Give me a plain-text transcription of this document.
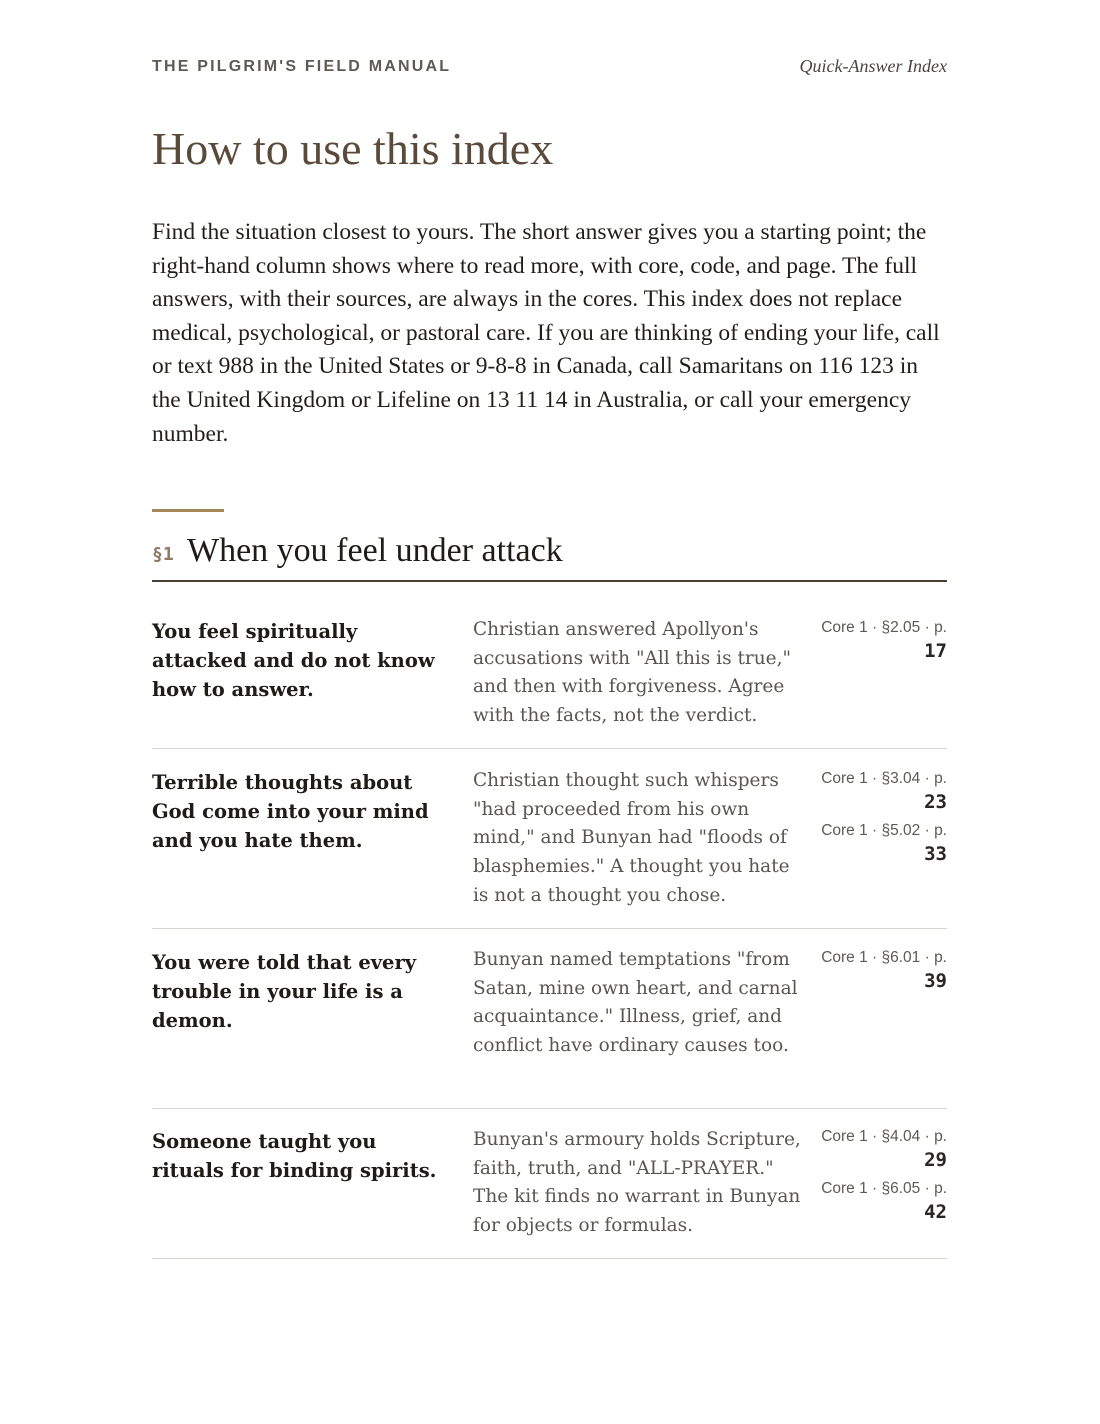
THE PILGRIM'S FIELD MANUAL	Quick-Answer Index
How to use this index

Find the situation closest to yours. The short answer gives you a starting point; the right-hand column shows where to read more, with core, code, and page. The full answers, with their sources, are always in the cores. This index does not replace medical, psychological, or pastoral care. If you are thinking of ending your life, call or text 988 in the United States or 9-8-8 in Canada, call Samaritans on 116 123 in the United Kingdom or Lifeline on 13 11 14 in Australia, or call your emergency number.

§1 When you feel under attack
You feel spiritually attacked and do not know how to answer.
Christian answered Apollyon's accusations with "All this is true," and then with forgiveness. Agree with the facts, not the verdict.
Core 1 · §2.05 · p.
17
Terrible thoughts about God come into your mind and you hate them.
Christian thought such whispers "had proceeded from his own mind," and Bunyan had "floods of blasphemies." A thought you hate is not a thought you chose.
Core 1 · §3.04 · p.
23
Core 1 · §5.02 · p.
33
You were told that every trouble in your life is a demon.
Bunyan named temptations "from Satan, mine own heart, and carnal acquaintance." Illness, grief, and conflict have ordinary causes too.
Core 1 · §6.01 · p.
39
Someone taught you rituals for binding spirits.
Bunyan's armoury holds Scripture, faith, truth, and "ALL-PRAYER." The kit finds no warrant in Bunyan for objects or formulas.
Core 1 · §4.04 · p.
29
Core 1 · §6.05 · p.
42
